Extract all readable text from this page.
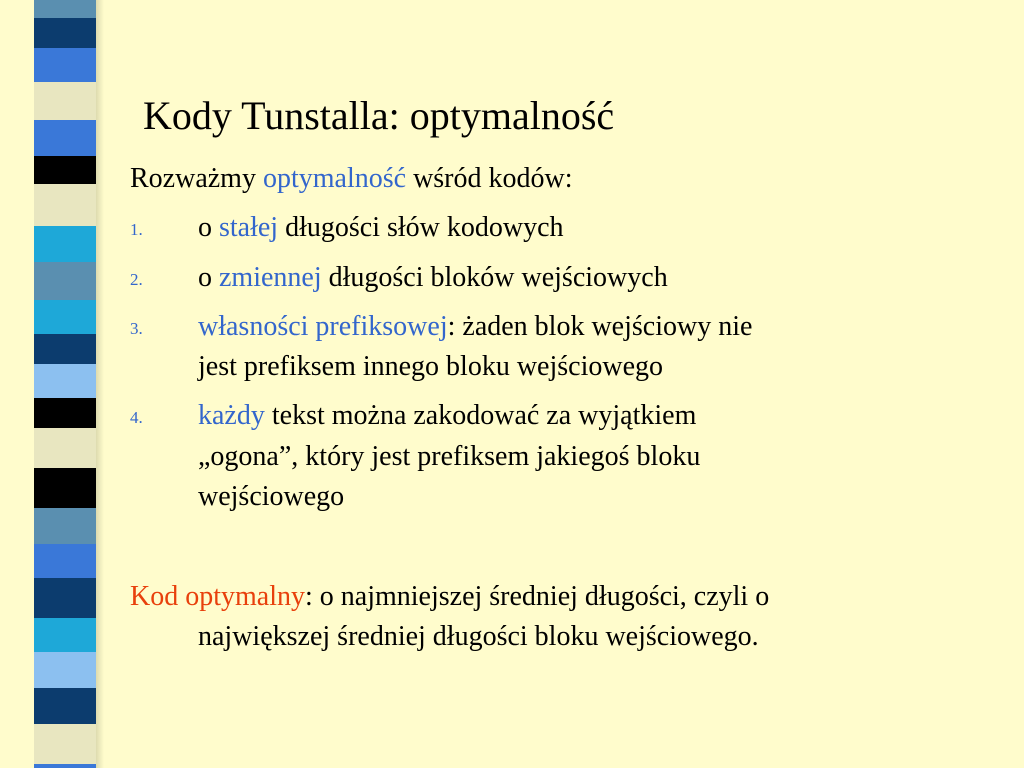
Kody Tunstalla: optymalność
Rozważmy optymalność wśród kodów:
1. o stałej długości słów kodowych
2. o zmiennej długości bloków wejściowych
3. własności prefiksowej: żaden blok wejściowy nie
jest prefiksem innego bloku wejściowego
4. każdy tekst można zakodować za wyjątkiem
„ogona”, który jest prefiksem jakiegoś bloku
wejściowego
Kod optymalny: o najmniejszej średniej długości, czyli o
największej średniej długości bloku wejściowego.
